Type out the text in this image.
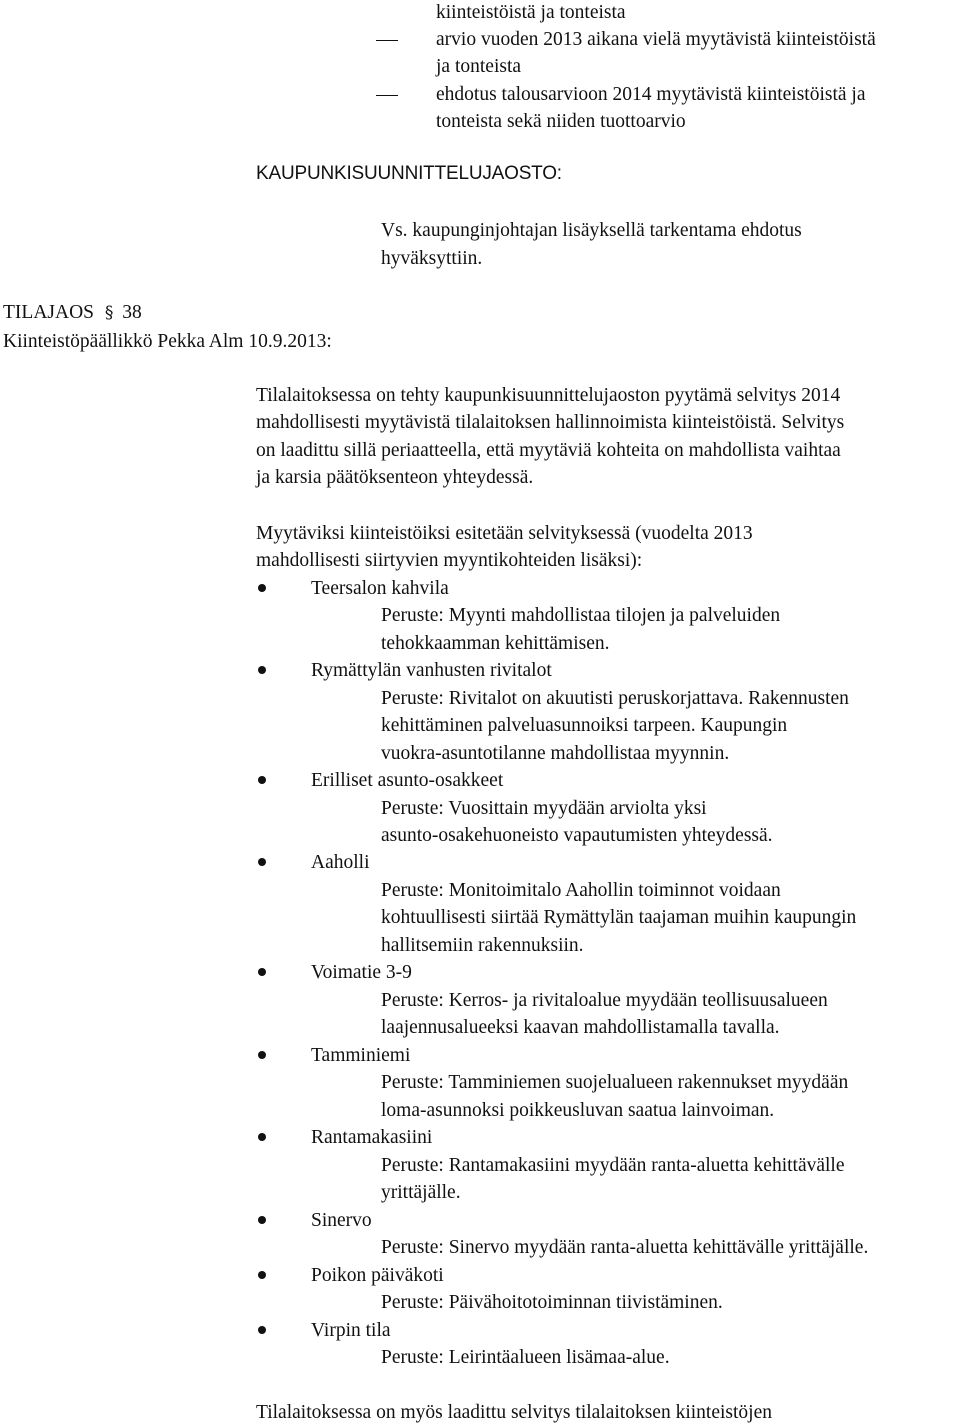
kiinteistöistä ja tonteista
arvio vuoden 2013 aikana vielä myytävistä kiinteistöistä
ja tonteista
ehdotus talousarvioon 2014 myytävistä kiinteistöistä ja
tonteista sekä niiden tuottoarvio
KAUPUNKISUUNNITTELUJAOSTO:
Vs. kaupunginjohtajan lisäyksellä tarkentama ehdotus
hyväksyttiin.
TILAJAOS § 38
Kiinteistöpäällikkö Pekka Alm 10.9.2013:
Tilalaitoksessa on tehty kaupunkisuunnittelujaoston pyytämä selvitys 2014
mahdollisesti myytävistä tilalaitoksen hallinnoimista kiinteistöistä. Selvitys
on laadittu sillä periaatteella, että myytäviä kohteita on mahdollista vaihtaa
ja karsia päätöksenteon yhteydessä.
Myytäviksi kiinteistöiksi esitetään selvityksessä (vuodelta 2013
mahdollisesti siirtyvien myyntikohteiden lisäksi):
Teersalon kahvila
Peruste: Myynti mahdollistaa tilojen ja palveluiden
tehokkaamman kehittämisen.
Rymättylän vanhusten rivitalot
Peruste: Rivitalot on akuutisti peruskorjattava. Rakennusten
kehittäminen palveluasunnoiksi tarpeen. Kaupungin
vuokra-asuntotilanne mahdollistaa myynnin.
Erilliset asunto-osakkeet
Peruste: Vuosittain myydään arviolta yksi
asunto-osakehuoneisto vapautumisten yhteydessä.
Aaholli
Peruste: Monitoimitalo Aahollin toiminnot voidaan
kohtuullisesti siirtää Rymättylän taajaman muihin kaupungin
hallitsemiin rakennuksiin.
Voimatie 3-9
Peruste: Kerros- ja rivitaloalue myydään teollisuusalueen
laajennusalueeksi kaavan mahdollistamalla tavalla.
Tamminiemi
Peruste: Tamminiemen suojelualueen rakennukset myydään
loma-asunnoksi poikkeusluvan saatua lainvoiman.
Rantamakasiini
Peruste: Rantamakasiini myydään ranta-aluetta kehittävälle
yrittäjälle.
Sinervo
Peruste: Sinervo myydään ranta-aluetta kehittävälle yrittäjälle.
Poikon päiväkoti
Peruste: Päivähoitotoiminnan tiivistäminen.
Virpin tila
Peruste: Leirintäalueen lisämaa-alue.
Tilalaitoksessa on myös laadittu selvitys tilalaitoksen kiinteistöjen
